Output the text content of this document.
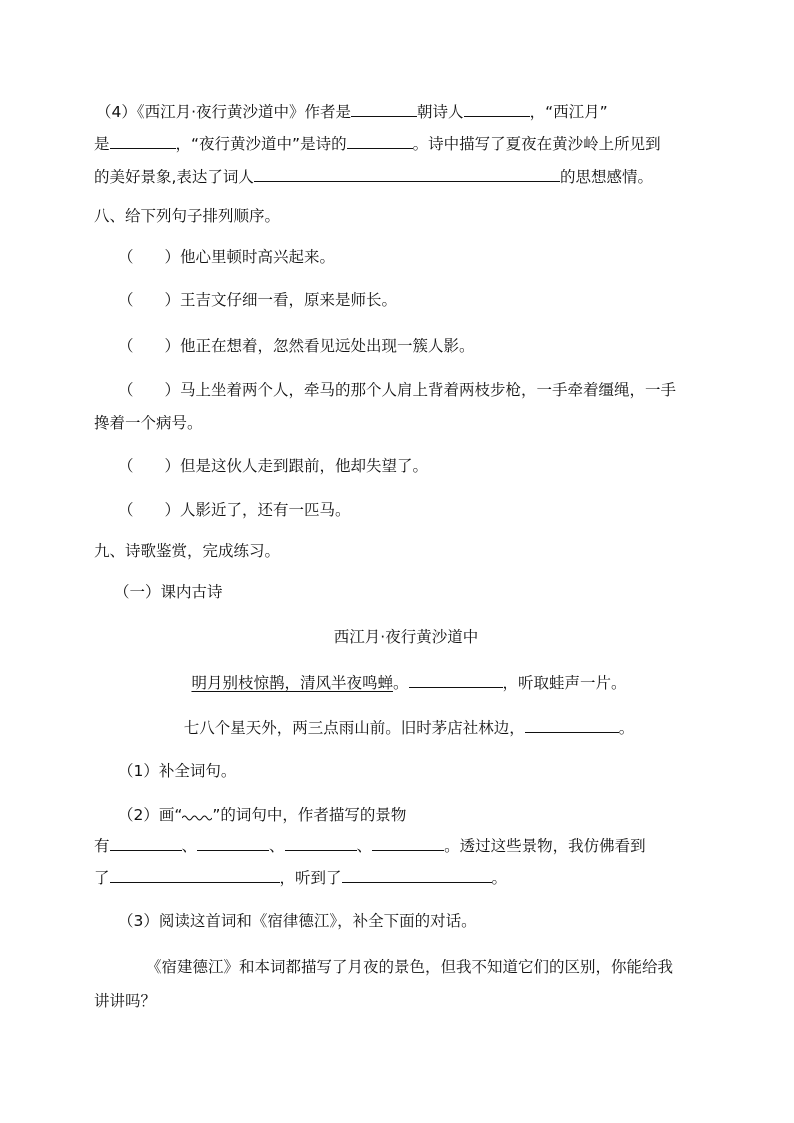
（4）《西江月·夜行黄沙道中》作者是	朝诗人	，“西江月”
是	，“夜行黄沙道中”是诗的	。诗中描写了夏夜在黄沙岭上所见到
的美好景象,表达了词人	的思想感情。
八、给下列句子排列顺序。
（　　）他心里顿时高兴起来。
（　　）王吉文仔细一看，原来是师长。
（　　）他正在想着，忽然看见远处出现一簇人影。
（　　）马上坐着两个人，牵马的那个人肩上背着两枝步枪，一手牵着缰绳，一手
搀着一个病号。
（　　）但是这伙人走到跟前，他却失望了。
（　　）人影近了，还有一匹马。
九、诗歌鉴赏，完成练习。
（一）课内古诗
西江月·夜行黄沙道中
明月别枝惊鹊，清风半夜鸣蝉。	，听取蛙声一片。
七八个星天外，两三点雨山前。旧时茅店社林边，	。
（1）补全词句。
（2）画“ ”的词句中，作者描写的景物
有	、	、	、	。透过这些景物，我仿佛看到
了	，听到了	。
（3）阅读这首词和《宿律德江》，补全下面的对话。
《宿建德江》和本词都描写了月夜的景色，但我不知道它们的区别，你能给我
讲讲吗？
